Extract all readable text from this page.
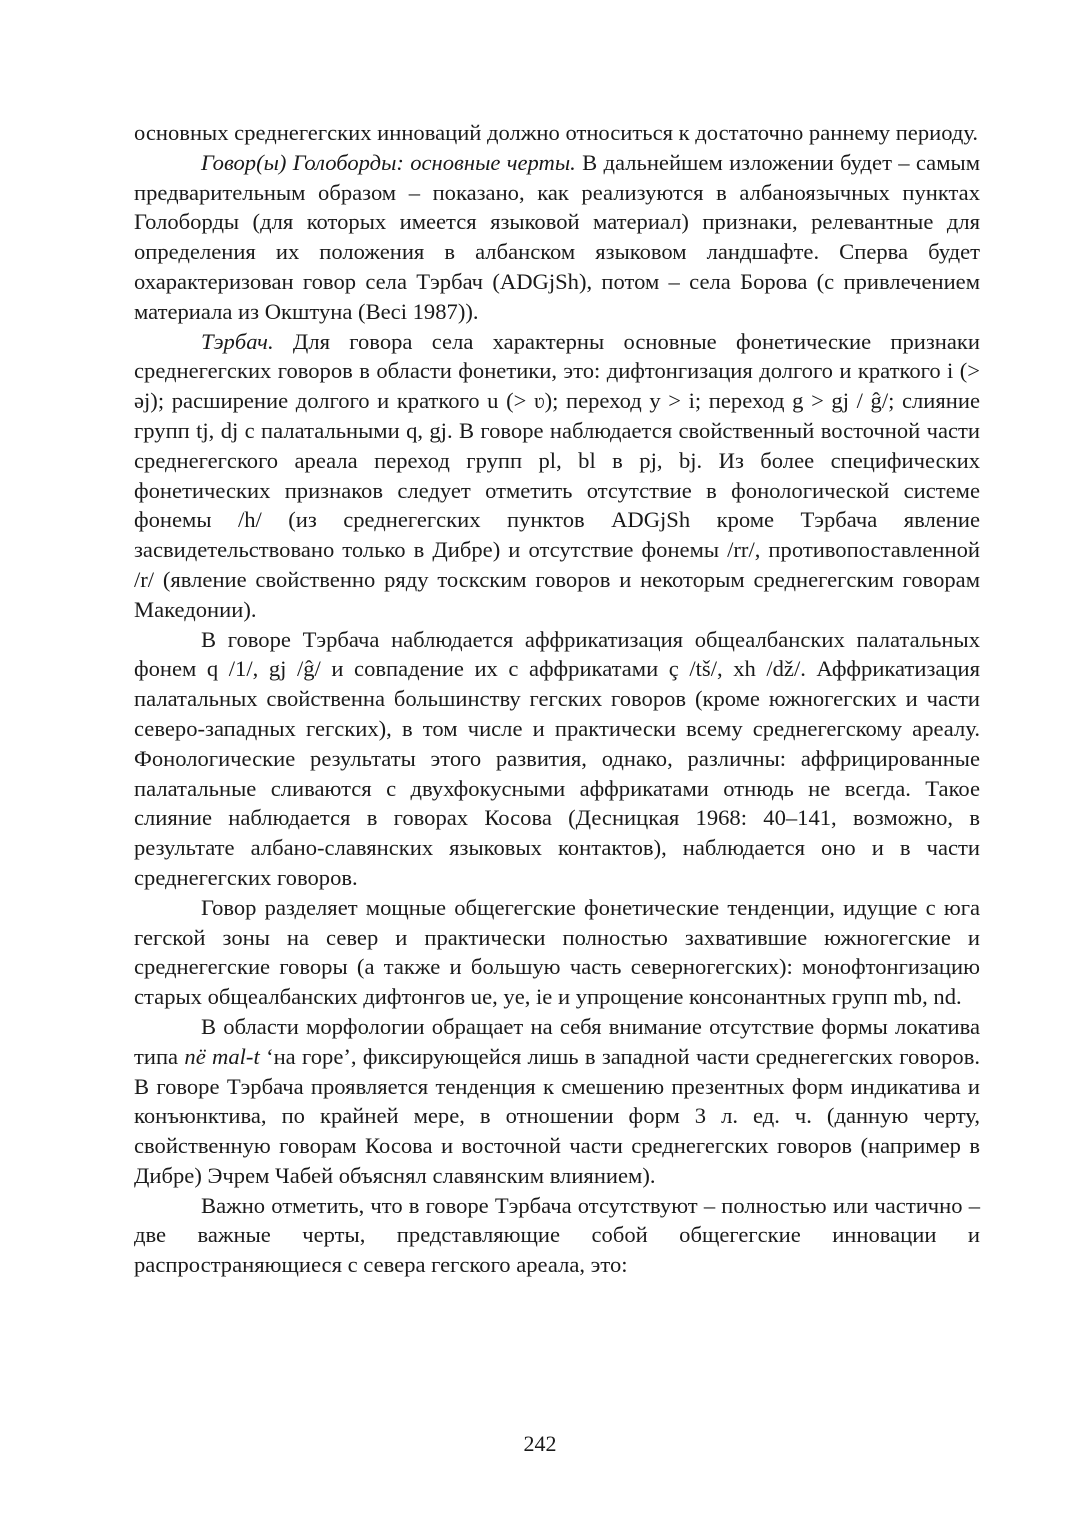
основных среднегегских инноваций должно относиться к достаточно раннему периоду.

Говор(ы) Голоборды: основные черты. В дальнейшем изложении будет – самым предварительным образом – показано, как реализуются в албаноязычных пунктах Голоборды (для которых имеется языковой материал) признаки, релевантные для определения их положения в албанском языковом ландшафте. Сперва будет охарактеризован говор села Тэрбач (ADGjSh), потом – села Борова (с привлечением материала из Окштуна (Beci 1987)).

Тэрбач. Для говора села характерны основные фонетические признаки среднегегских говоров в области фонетики, это: дифтонгизация долгого и краткого i (> əj); расширение долгого и краткого u (> ʋ); переход y > i; переход g > gj / ĝ/; слияние групп tj, dj с палатальными q, gj. В говоре наблюдается свойственный восточной части среднегегского ареала переход групп pl, bl в pj, bj. Из более специфических фонетических признаков следует отметить отсутствие в фонологической системе фонемы /h/ (из среднегегских пунктов ADGjSh кроме Тэрбача явление засвидетельствовано только в Дибре) и отсутствие фонемы /rr/, противопоставленной /r/ (явление свойственно ряду тоскским говоров и некоторым среднегегским говорам Македонии).

В говоре Тэрбача наблюдается аффрикатизация общеалбанских палатальных фонем q /1/, gj /ĝ/ и совпадение их с аффрикатами ç /tš/, xh /dž/. Аффрикатизация палатальных свойственна большинству гегских говоров (кроме южногегских и части северо-западных гегских), в том числе и практически всему среднегегскому ареалу. Фонологические результаты этого развития, однако, различны: аффрицированные палатальные сливаются с двухфокусными аффрикатами отнюдь не всегда. Такое слияние наблюдается в говорах Косова (Десницкая 1968: 40–141, возможно, в результате албано-славянских языковых контактов), наблюдается оно и в части среднегегских говоров.

Говор разделяет мощные общегегские фонетические тенденции, идущие с юга гегской зоны на север и практически полностью захватившие южногегские и среднегегские говоры (а также и большую часть северногегских): монофтонгизацию старых общеалбанских дифтонгов ue, ye, ie и упрощение консонантных групп mb, nd.

В области морфологии обращает на себя внимание отсутствие формы локатива типа në mal-t ‘на горе’, фиксирующейся лишь в западной части среднегегских говоров. В говоре Тэрбача проявляется тенденция к смешению презентных форм индикатива и конъюнктива, по крайней мере, в отношении форм 3 л. ед. ч. (данную черту, свойственную говорам Косова и восточной части среднегегских говоров (например в Дибре) Эчрем Чабей объяснял славянским влиянием).

Важно отметить, что в говоре Тэрбача отсутствуют – полностью или частично – две важные черты, представляющие собой общегегские инновации и распространяющиеся с севера гегского ареала, это:

242
